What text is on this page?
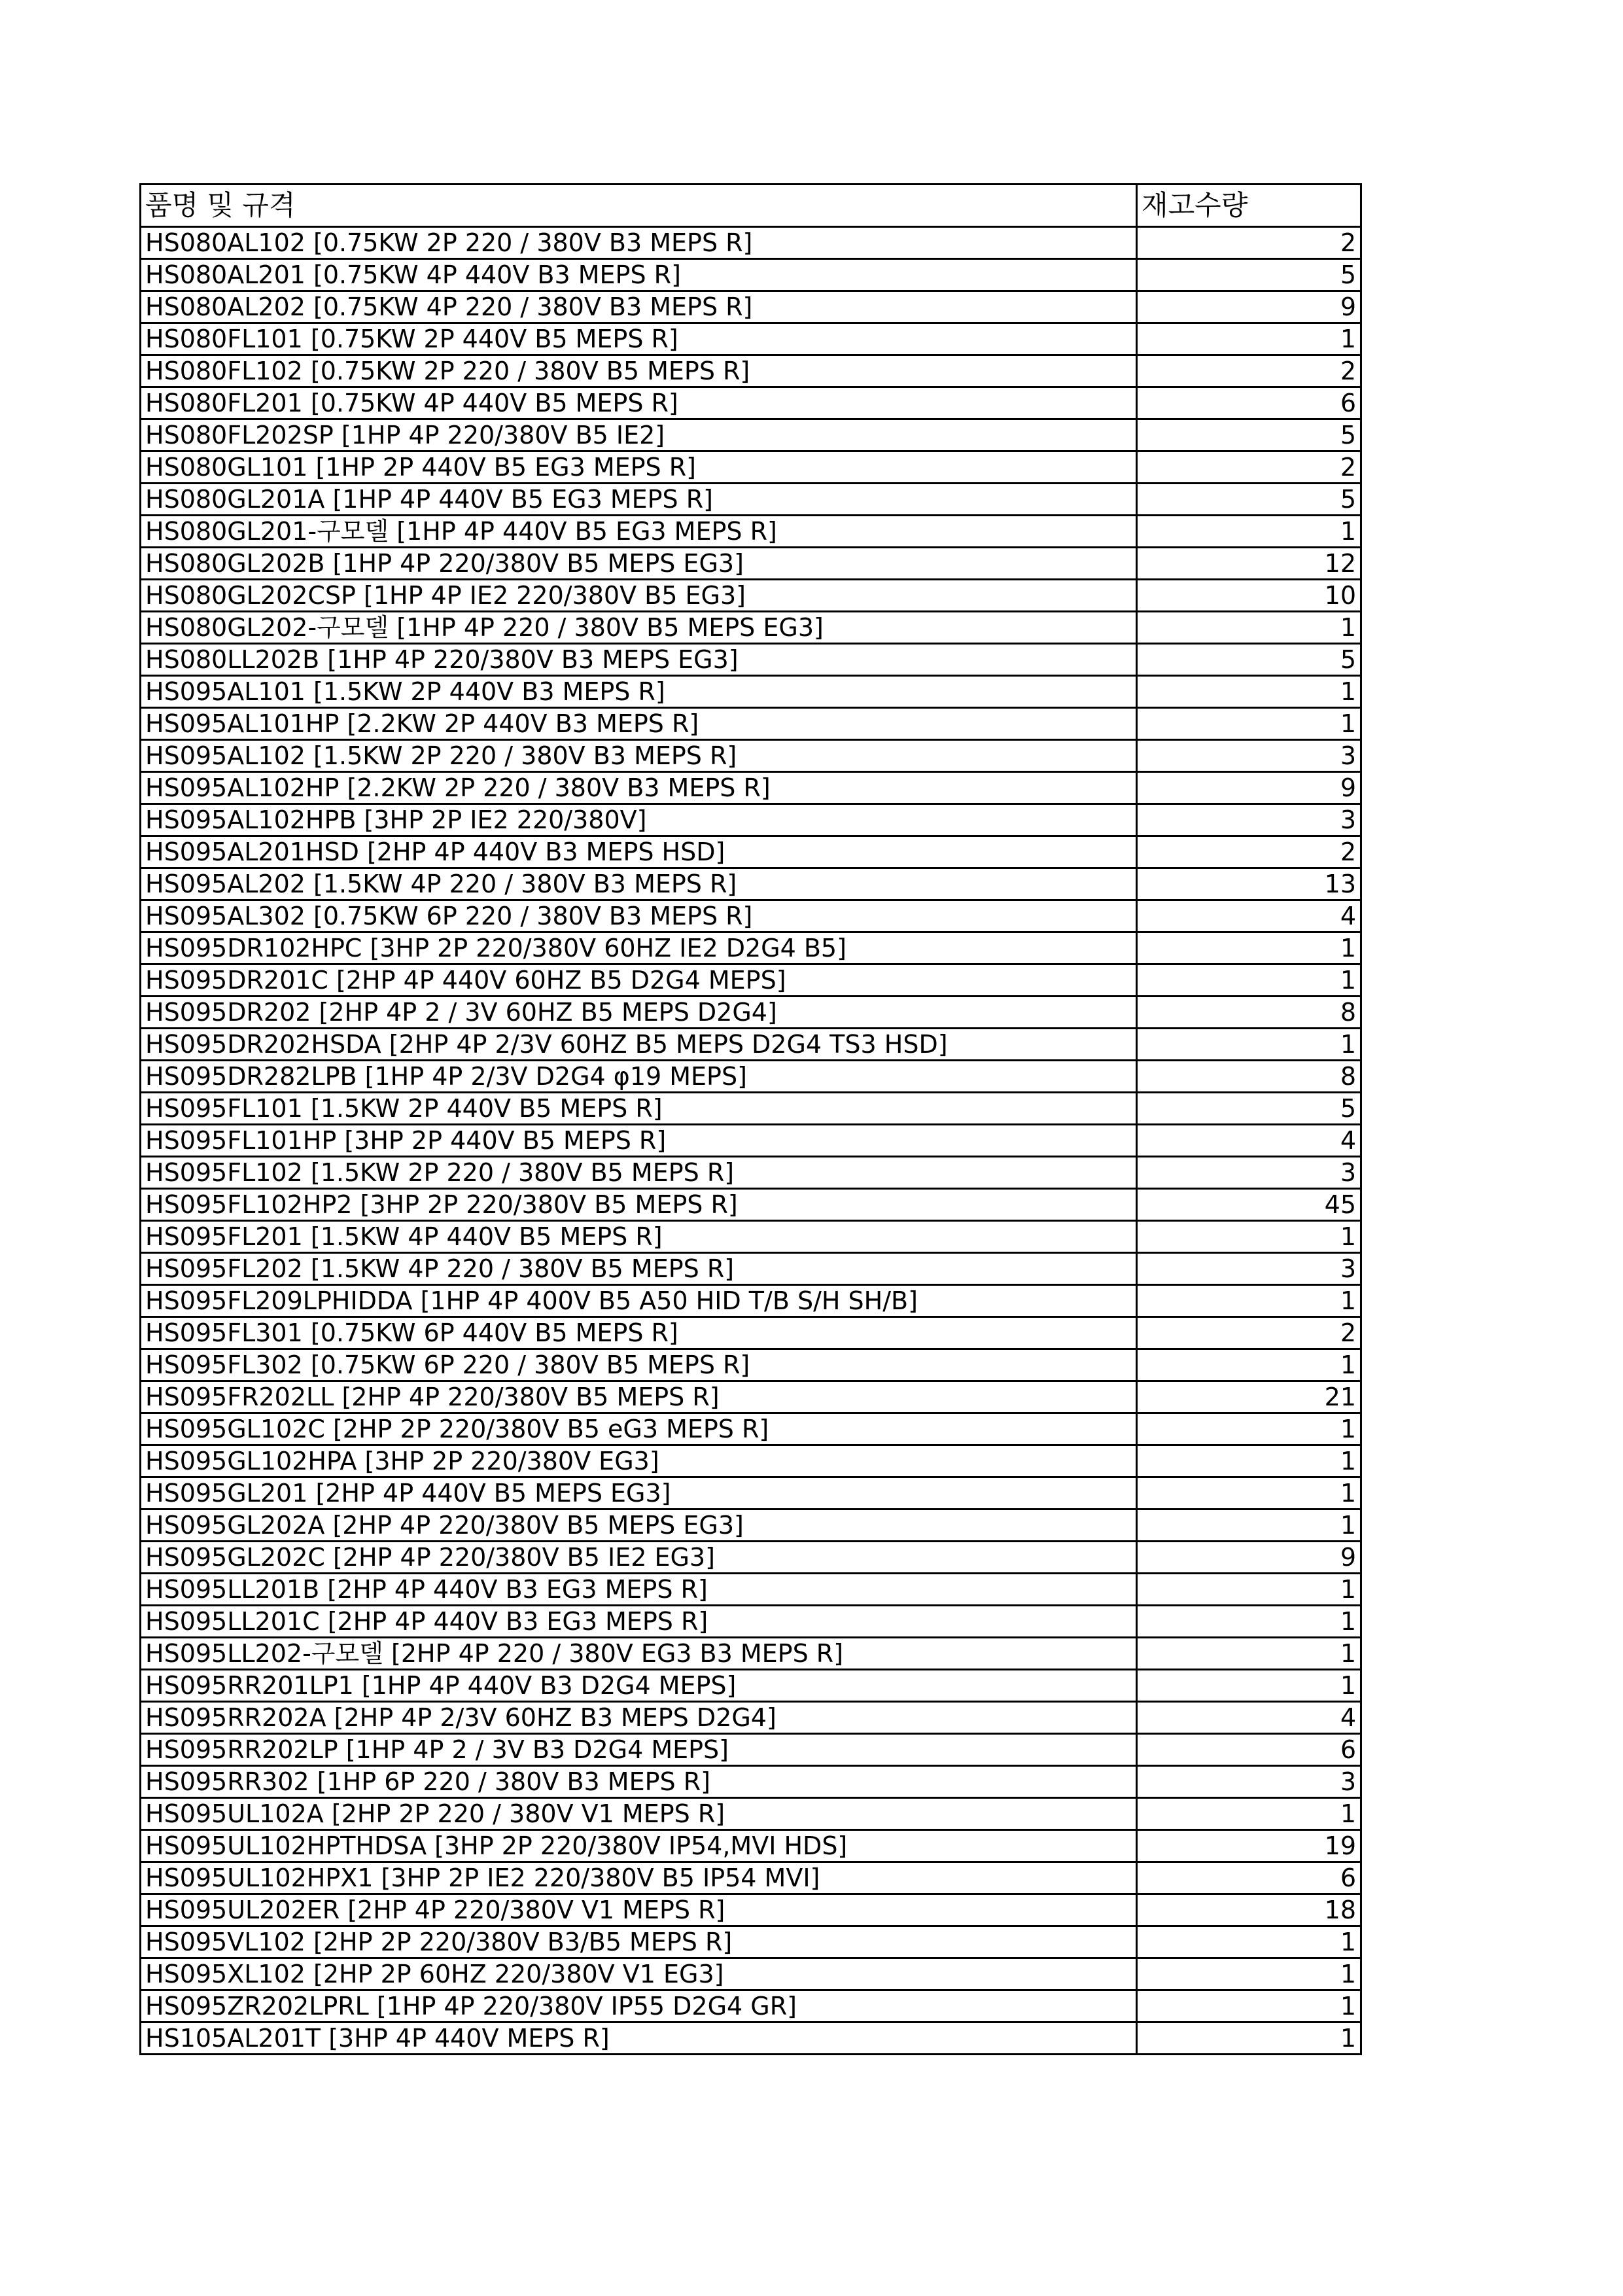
품명 및 규격	재고수량
HS080AL102 [0.75KW 2P 220 / 380V B3 MEPS R]	2
HS080AL201 [0.75KW 4P 440V B3 MEPS R]	5
HS080AL202 [0.75KW 4P 220 / 380V B3 MEPS R]	9
HS080FL101 [0.75KW 2P 440V B5 MEPS R]	1
HS080FL102 [0.75KW 2P 220 / 380V B5 MEPS R]	2
HS080FL201 [0.75KW 4P 440V B5 MEPS R]	6
HS080FL202SP [1HP 4P 220/380V B5 IE2]	5
HS080GL101 [1HP 2P 440V B5 EG3 MEPS R]	2
HS080GL201A [1HP 4P 440V B5 EG3 MEPS R]	5
HS080GL201-구모델 [1HP 4P 440V B5 EG3 MEPS R]	1
HS080GL202B [1HP 4P 220/380V B5 MEPS EG3]	12
HS080GL202CSP [1HP 4P IE2 220/380V B5 EG3]	10
HS080GL202-구모델 [1HP 4P 220 / 380V B5 MEPS EG3]	1
HS080LL202B [1HP 4P 220/380V B3 MEPS EG3]	5
HS095AL101 [1.5KW 2P 440V B3 MEPS R]	1
HS095AL101HP [2.2KW 2P 440V B3 MEPS R]	1
HS095AL102 [1.5KW 2P 220 / 380V B3 MEPS R]	3
HS095AL102HP [2.2KW 2P 220 / 380V B3 MEPS R]	9
HS095AL102HPB [3HP 2P IE2 220/380V]	3
HS095AL201HSD [2HP 4P 440V B3 MEPS HSD]	2
HS095AL202 [1.5KW 4P 220 / 380V B3 MEPS R]	13
HS095AL302 [0.75KW 6P 220 / 380V B3 MEPS R]	4
HS095DR102HPC [3HP 2P 220/380V 60HZ IE2 D2G4 B5]	1
HS095DR201C [2HP 4P 440V 60HZ B5 D2G4 MEPS]	1
HS095DR202 [2HP 4P 2 / 3V 60HZ B5 MEPS D2G4]	8
HS095DR202HSDA [2HP 4P 2/3V 60HZ B5 MEPS D2G4 TS3 HSD]	1
HS095DR282LPB [1HP 4P 2/3V D2G4 φ19 MEPS]	8
HS095FL101 [1.5KW 2P 440V B5 MEPS R]	5
HS095FL101HP [3HP 2P 440V B5 MEPS R]	4
HS095FL102 [1.5KW 2P 220 / 380V B5 MEPS R]	3
HS095FL102HP2 [3HP 2P 220/380V B5 MEPS R]	45
HS095FL201 [1.5KW 4P 440V B5 MEPS R]	1
HS095FL202 [1.5KW 4P 220 / 380V B5 MEPS R]	3
HS095FL209LPHIDDA [1HP 4P 400V B5 A50 HID T/B S/H SH/B]	1
HS095FL301 [0.75KW 6P 440V B5 MEPS R]	2
HS095FL302 [0.75KW 6P 220 / 380V B5 MEPS R]	1
HS095FR202LL [2HP 4P 220/380V B5 MEPS R]	21
HS095GL102C [2HP 2P 220/380V B5 eG3 MEPS R]	1
HS095GL102HPA [3HP 2P 220/380V EG3]	1
HS095GL201 [2HP 4P 440V B5 MEPS EG3]	1
HS095GL202A [2HP 4P 220/380V B5 MEPS EG3]	1
HS095GL202C [2HP 4P 220/380V B5 IE2 EG3]	9
HS095LL201B [2HP 4P 440V B3 EG3 MEPS R]	1
HS095LL201C [2HP 4P 440V B3 EG3 MEPS R]	1
HS095LL202-구모델 [2HP 4P 220 / 380V EG3 B3 MEPS R]	1
HS095RR201LP1 [1HP 4P 440V B3 D2G4 MEPS]	1
HS095RR202A [2HP 4P 2/3V 60HZ B3 MEPS D2G4]	4
HS095RR202LP [1HP 4P 2 / 3V B3 D2G4 MEPS]	6
HS095RR302 [1HP 6P 220 / 380V B3 MEPS R]	3
HS095UL102A [2HP 2P 220 / 380V V1 MEPS R]	1
HS095UL102HPTHDSA [3HP 2P 220/380V IP54,MVI HDS]	19
HS095UL102HPX1 [3HP 2P IE2 220/380V B5 IP54 MVI]	6
HS095UL202ER [2HP 4P 220/380V V1 MEPS R]	18
HS095VL102 [2HP 2P 220/380V B3/B5 MEPS R]	1
HS095XL102 [2HP 2P 60HZ 220/380V V1 EG3]	1
HS095ZR202LPRL [1HP 4P 220/380V IP55 D2G4 GR]	1
HS105AL201T [3HP 4P 440V MEPS R]	1
